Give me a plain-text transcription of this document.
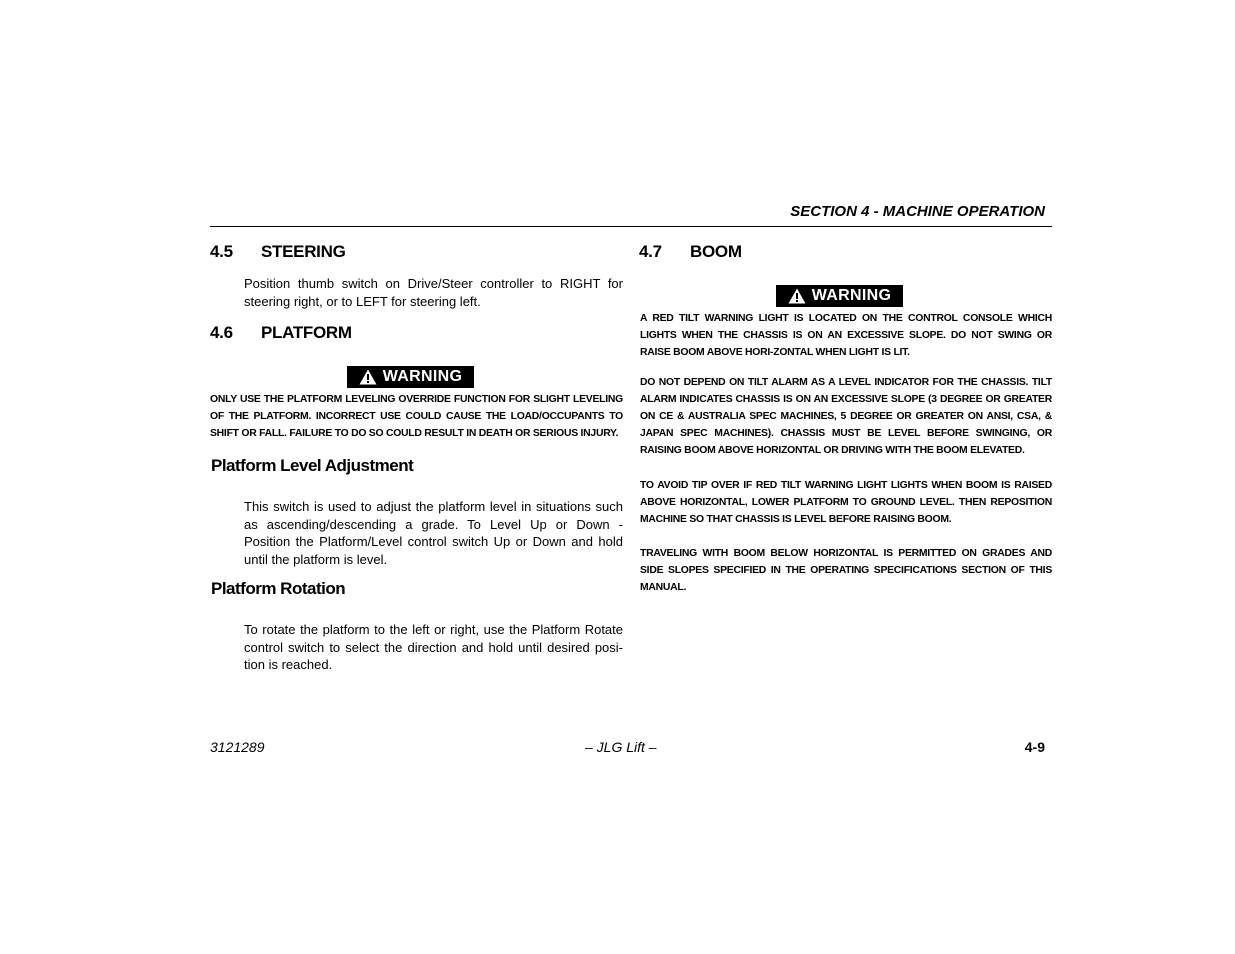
SECTION 4 - MACHINE OPERATION
4.5 STEERING
Position thumb switch on Drive/Steer controller to RIGHT for steering right, or to LEFT for steering left.
4.6 PLATFORM
WARNING
ONLY USE THE PLATFORM LEVELING OVERRIDE FUNCTION FOR SLIGHT LEVELING OF THE PLATFORM. INCORRECT USE COULD CAUSE THE LOAD/OCCUPANTS TO SHIFT OR FALL. FAILURE TO DO SO COULD RESULT IN DEATH OR SERIOUS INJURY.
Platform Level Adjustment
This switch is used to adjust the platform level in situations such as ascending/descending a grade. To Level Up or Down - Position the Platform/Level control switch Up or Down and hold until the platform is level.
Platform Rotation
To rotate the platform to the left or right, use the Platform Rotate control switch to select the direction and hold until desired posi-tion is reached.
4.7 BOOM
WARNING
A RED TILT WARNING LIGHT IS LOCATED ON THE CONTROL CONSOLE WHICH LIGHTS WHEN THE CHASSIS IS ON AN EXCESSIVE SLOPE. DO NOT SWING OR RAISE BOOM ABOVE HORI-ZONTAL WHEN LIGHT IS LIT.
DO NOT DEPEND ON TILT ALARM AS A LEVEL INDICATOR FOR THE CHASSIS. TILT ALARM INDICATES CHASSIS IS ON AN EXCESSIVE SLOPE (3 DEGREE OR GREATER ON CE & AUSTRALIA SPEC MACHINES, 5 DEGREE OR GREATER ON ANSI, CSA, & JAPAN SPEC MACHINES). CHASSIS MUST BE LEVEL BEFORE SWINGING, OR RAISING BOOM ABOVE HORIZONTAL OR DRIVING WITH THE BOOM ELEVATED.
TO AVOID TIP OVER IF RED TILT WARNING LIGHT LIGHTS WHEN BOOM IS RAISED ABOVE HORIZONTAL, LOWER PLATFORM TO GROUND LEVEL. THEN REPOSITION MACHINE SO THAT CHASSIS IS LEVEL BEFORE RAISING BOOM.
TRAVELING WITH BOOM BELOW HORIZONTAL IS PERMITTED ON GRADES AND SIDE SLOPES SPECIFIED IN THE OPERATING SPECIFICATIONS SECTION OF THIS MANUAL.
3121289	– JLG Lift –	4-9
